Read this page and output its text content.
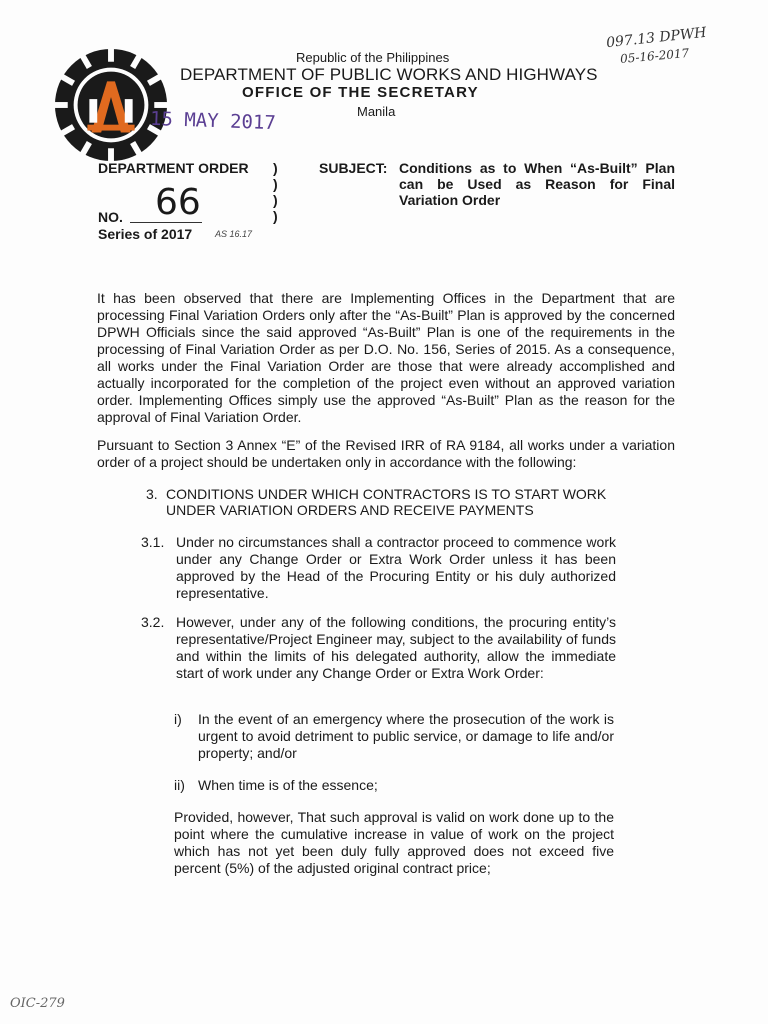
Republic of the Philippines
DEPARTMENT OF PUBLIC WORKS AND HIGHWAYS
OFFICE OF THE SECRETARY
Manila
15 MAY 2017
097.13 DPWH
05-16-2017
DEPARTMENT ORDER )
)
)
)
NO. 66
Series of 2017	AS 16.17
SUBJECT: Conditions as to When “As-Built” Plan can be Used as Reason for Final Variation Order
It has been observed that there are Implementing Offices in the Department that are processing Final Variation Orders only after the “As-Built” Plan is approved by the concerned DPWH Officials since the said approved “As-Built” Plan is one of the requirements in the processing of Final Variation Order as per D.O. No. 156, Series of 2015. As a consequence, all works under the Final Variation Order are those that were already accomplished and actually incorporated for the completion of the project even without an approved variation order. Implementing Offices simply use the approved “As-Built” Plan as the reason for the approval of Final Variation Order.
Pursuant to Section 3 Annex “E” of the Revised IRR of RA 9184, all works under a variation order of a project should be undertaken only in accordance with the following:
3. CONDITIONS UNDER WHICH CONTRACTORS IS TO START WORK UNDER VARIATION ORDERS AND RECEIVE PAYMENTS
3.1. Under no circumstances shall a contractor proceed to commence work under any Change Order or Extra Work Order unless it has been approved by the Head of the Procuring Entity or his duly authorized representative.
3.2. However, under any of the following conditions, the procuring entity’s representative/Project Engineer may, subject to the availability of funds and within the limits of his delegated authority, allow the immediate start of work under any Change Order or Extra Work Order:
i) In the event of an emergency where the prosecution of the work is urgent to avoid detriment to public service, or damage to life and/or property; and/or
ii) When time is of the essence;
Provided, however, That such approval is valid on work done up to the point where the cumulative increase in value of work on the project which has not yet been duly fully approved does not exceed five percent (5%) of the adjusted original contract price;
OIC-279
